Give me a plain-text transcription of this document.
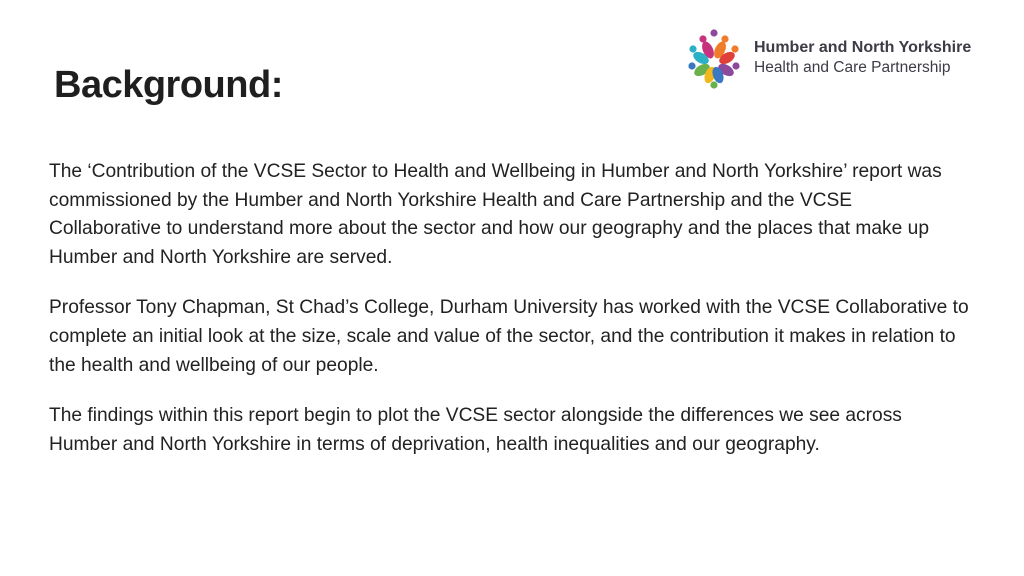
Background:
Humber and North Yorkshire
Health and Care Partnership

The ‘Contribution of the VCSE Sector to Health and Wellbeing in Humber and North Yorkshire’ report was commissioned by the Humber and North Yorkshire Health and Care Partnership and the VCSE Collaborative to understand more about the sector and how our geography and the places that make up Humber and North Yorkshire are served.

Professor Tony Chapman, St Chad’s College, Durham University has worked with the VCSE Collaborative to complete an initial look at the size, scale and value of the sector, and the contribution it makes in relation to the health and wellbeing of our people.

The findings within this report begin to plot the VCSE sector alongside the differences we see across Humber and North Yorkshire in terms of deprivation, health inequalities and our geography.
